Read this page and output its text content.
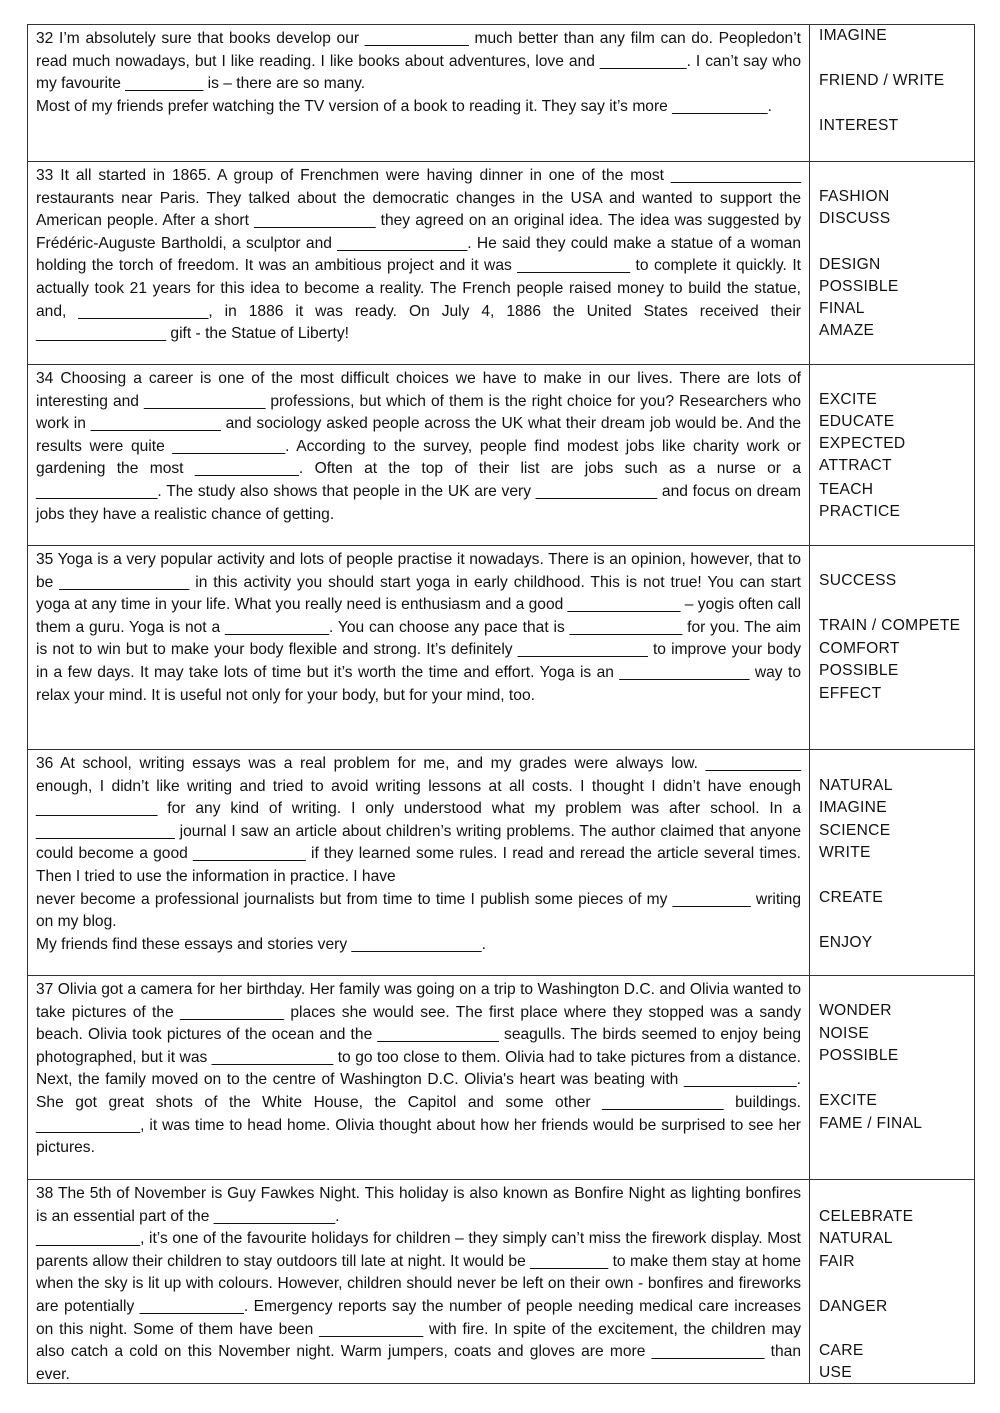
32 I’m absolutely sure that books develop our ____________ much better than any film can do. Peopledon’t read much nowadays, but I like reading. I like books about adventures, love and __________. I can’t say who my favourite _________ is – there are so many.

Most of my friends prefer watching the TV version of a book to reading it. They say it’s more ___________.

IMAGINE
FRIEND / WRITE
INTEREST

33 It all started in 1865. A group of Frenchmen were having dinner in one of the most _______________ restaurants near Paris. They talked about the democratic changes in the USA and wanted to support the American people. After a short ______________ they agreed on an original idea. The idea was suggested by Frédéric-Auguste Bartholdi, a sculptor and _______________. He said they could make a statue of a woman holding the torch of freedom. It was an ambitious project and it was _____________ to complete it quickly. It actually took 21 years for this idea to become a reality. The French people raised money to build the statue, and, _______________, in 1886 it was ready. On July 4, 1886 the United States received their _______________ gift - the Statue of Liberty!

FASHION
DISCUSS
DESIGN
POSSIBLE
FINAL
AMAZE

34 Choosing a career is one of the most difficult choices we have to make in our lives. There are lots of interesting and ______________ professions, but which of them is the right choice for you? Researchers who work in _______________ and sociology asked people across the UK what their dream job would be. And the results were quite _____________. According to the survey, people find modest jobs like charity work or gardening the most ____________. Often at the top of their list are jobs such as a nurse or a ______________. The study also shows that people in the UK are very ______________ and focus on dream jobs they have a realistic chance of getting.

EXCITE
EDUCATE
EXPECTED
ATTRACT
TEACH
PRACTICE

35 Yoga is a very popular activity and lots of people practise it nowadays. There is an opinion, however, that to be _______________ in this activity you should start yoga in early childhood. This is not true! You can start yoga at any time in your life. What you really need is enthusiasm and a good _____________ – yogis often call them a guru. Yoga is not a ____________. You can choose any pace that is _____________ for you. The aim is not to win but to make your body flexible and strong. It’s definitely _______________ to improve your body in a few days. It may take lots of time but it’s worth the time and effort. Yoga is an _______________ way to relax your mind. It is useful not only for your body, but for your mind, too.

SUCCESS
TRAIN / COMPETE
COMFORT
POSSIBLE
EFFECT

36 At school, writing essays was a real problem for me, and my grades were always low. ___________ enough, I didn’t like writing and tried to avoid writing lessons at all costs. I thought I didn’t have enough ______________ for any kind of writing. I only understood what my problem was after school. In a ________________ journal I saw an article about children’s writing problems. The author claimed that anyone could become a good _____________ if they learned some rules. I read and reread the article several times. Then I tried to use the information in practice. I have

never become a professional journalists but from time to time I publish some pieces of my _________ writing on my blog.

My friends find these essays and stories very _______________.

NATURAL
IMAGINE
SCIENCE
WRITE
CREATE
ENJOY

37 Olivia got a camera for her birthday. Her family was going on a trip to Washington D.C. and Olivia wanted to take pictures of the ____________ places she would see. The first place where they stopped was a sandy beach. Olivia took pictures of the ocean and the ______________ seagulls. The birds seemed to enjoy being photographed, but it was ______________ to go too close to them. Olivia had to take pictures from a distance. Next, the family moved on to the centre of Washington D.C. Olivia's heart was beating with _____________. She got great shots of the White House, the Capitol and some other ______________ buildings. ____________, it was time to head home. Olivia thought about how her friends would be surprised to see her pictures.

WONDER
NOISE
POSSIBLE
EXCITE
FAME / FINAL

38 The 5th of November is Guy Fawkes Night. This holiday is also known as Bonfire Night as lighting bonfires is an essential part of the ______________.

____________, it’s one of the favourite holidays for children – they simply can’t miss the firework display. Most parents allow their children to stay outdoors till late at night. It would be _________ to make them stay at home when the sky is lit up with colours. However, children should never be left on their own - bonfires and fireworks are potentially ____________. Emergency reports say the number of people needing medical care increases on this night. Some of them have been ____________ with fire. In spite of the excitement, the children may also catch a cold on this November night. Warm jumpers, coats and gloves are more _____________ than ever.

CELEBRATE
NATURAL
FAIR
DANGER
CARE
USE
